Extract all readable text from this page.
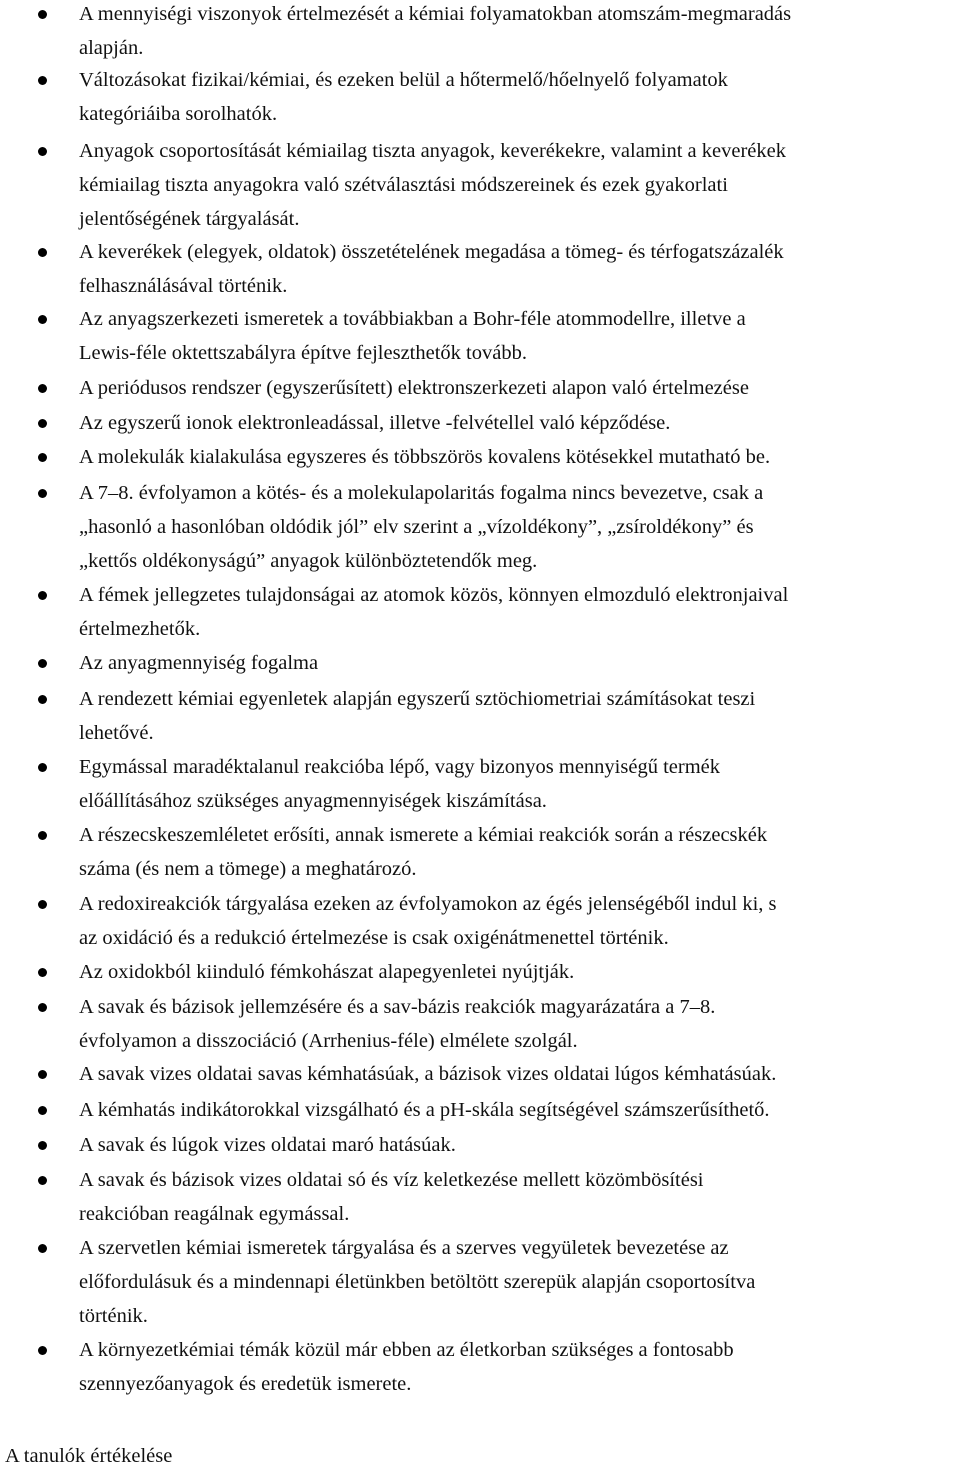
A mennyiségi viszonyok értelmezését a kémiai folyamatokban atomszám-megmaradás
alapján.
Változásokat fizikai/kémiai, és ezeken belül a hőtermelő/hőelnyelő folyamatok
kategóriáiba sorolhatók.
Anyagok csoportosítását kémiailag tiszta anyagok, keverékekre, valamint a keverékek
kémiailag tiszta anyagokra való szétválasztási módszereinek és ezek gyakorlati
jelentőségének tárgyalását.
A keverékek (elegyek, oldatok) összetételének megadása a tömeg- és térfogatszázalék
felhasználásával történik.
Az anyagszerkezeti ismeretek a továbbiakban a Bohr-féle atommodellre, illetve a
Lewis-féle oktettszabályra építve fejleszthetők tovább.
A periódusos rendszer (egyszerűsített) elektronszerkezeti alapon való értelmezése
Az egyszerű ionok elektronleadással, illetve -felvétellel való képződése.
A molekulák kialakulása egyszeres és többszörös kovalens kötésekkel mutatható be.
A 7–8. évfolyamon a kötés- és a molekulapolaritás fogalma nincs bevezetve, csak a
„hasonló a hasonlóban oldódik jól” elv szerint a „vízoldékony”, „zsíroldékony” és
„kettős oldékonyságú” anyagok különböztetendők meg.
A fémek jellegzetes tulajdonságai az atomok közös, könnyen elmozduló elektronjaival
értelmezhetők.
Az anyagmennyiség fogalma
A rendezett kémiai egyenletek alapján egyszerű sztöchiometriai számításokat teszi
lehetővé.
Egymással maradéktalanul reakcióba lépő, vagy bizonyos mennyiségű termék
előállításához szükséges anyagmennyiségek kiszámítása.
A részecskeszemléletet erősíti, annak ismerete a kémiai reakciók során a részecskék
száma (és nem a tömege) a meghatározó.
A redoxireakciók tárgyalása ezeken az évfolyamokon az égés jelenségéből indul ki, s
az oxidáció és a redukció értelmezése is csak oxigénátmenettel történik.
Az oxidokból kiinduló fémkohászat alapegyenletei nyújtják.
A savak és bázisok jellemzésére és a sav-bázis reakciók magyarázatára a 7–8.
évfolyamon a disszociáció (Arrhenius-féle) elmélete szolgál.
A savak vizes oldatai savas kémhatásúak, a bázisok vizes oldatai lúgos kémhatásúak.
A kémhatás indikátorokkal vizsgálható és a pH-skála segítségével számszerűsíthető.
A savak és lúgok vizes oldatai maró hatásúak.
A savak és bázisok vizes oldatai só és víz keletkezése mellett közömbösítési
reakcióban reagálnak egymással.
A szervetlen kémiai ismeretek tárgyalása és a szerves vegyületek bevezetése az
előfordulásuk és a mindennapi életünkben betöltött szerepük alapján csoportosítva
történik.
A környezetkémiai témák közül már ebben az életkorban szükséges a fontosabb
szennyezőanyagok és eredetük ismerete.
A tanulók értékelése
